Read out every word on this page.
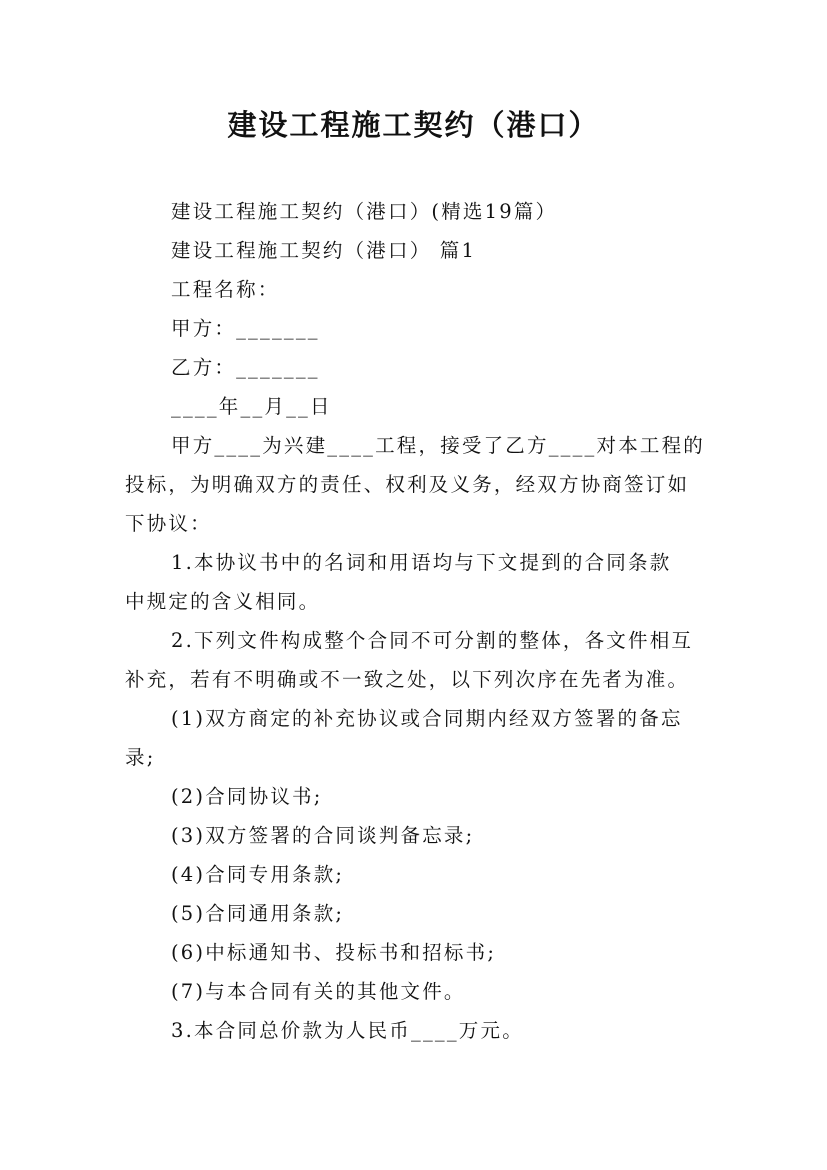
建设工程施工契约（港口）
建设工程施工契约（港口）(精选19篇）
建设工程施工契约（港口） 篇1
工程名称：
甲方：_______
乙方：_______
____年__月__日
甲方____为兴建____工程，接受了乙方____对本工程的
投标，为明确双方的责任、权利及义务，经双方协商签订如
下协议：
1.本协议书中的名词和用语均与下文提到的合同条款
中规定的含义相同。
2.下列文件构成整个合同不可分割的整体，各文件相互
补充，若有不明确或不一致之处，以下列次序在先者为准。
(1)双方商定的补充协议或合同期内经双方签署的备忘
录;
(2)合同协议书;
(3)双方签署的合同谈判备忘录;
(4)合同专用条款;
(5)合同通用条款;
(6)中标通知书、投标书和招标书;
(7)与本合同有关的其他文件。
3.本合同总价款为人民币____万元。
